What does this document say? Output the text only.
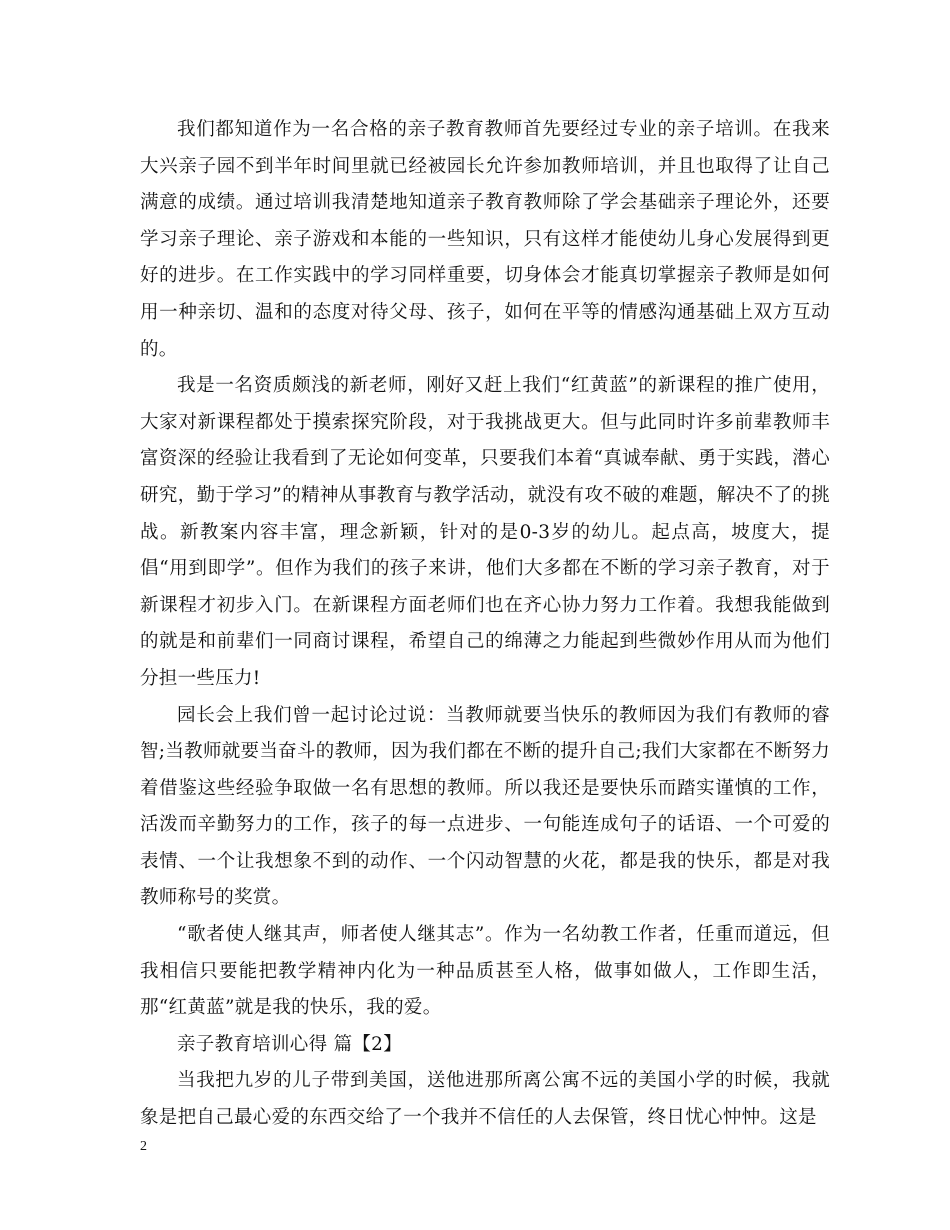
我们都知道作为一名合格的亲子教育教师首先要经过专业的亲子培训。在我来大兴亲子园不到半年时间里就已经被园长允许参加教师培训，并且也取得了让自己满意的成绩。通过培训我清楚地知道亲子教育教师除了学会基础亲子理论外，还要学习亲子理论、亲子游戏和本能的一些知识，只有这样才能使幼儿身心发展得到更好的进步。在工作实践中的学习同样重要，切身体会才能真切掌握亲子教师是如何用一种亲切、温和的态度对待父母、孩子，如何在平等的情感沟通基础上双方互动的。

我是一名资质颇浅的新老师，刚好又赶上我们“红黄蓝”的新课程的推广使用，大家对新课程都处于摸索探究阶段，对于我挑战更大。但与此同时许多前辈教师丰富资深的经验让我看到了无论如何变革，只要我们本着“真诚奉献、勇于实践，潜心研究，勤于学习”的精神从事教育与教学活动，就没有攻不破的难题，解决不了的挑战。新教案内容丰富，理念新颖，针对的是0-3岁的幼儿。起点高，坡度大，提倡“用到即学”。但作为我们的孩子来讲，他们大多都在不断的学习亲子教育，对于新课程才初步入门。在新课程方面老师们也在齐心协力努力工作着。我想我能做到的就是和前辈们一同商讨课程，希望自己的绵薄之力能起到些微妙作用从而为他们分担一些压力!

园长会上我们曾一起讨论过说：当教师就要当快乐的教师因为我们有教师的睿智;当教师就要当奋斗的教师，因为我们都在不断的提升自己;我们大家都在不断努力着借鉴这些经验争取做一名有思想的教师。所以我还是要快乐而踏实谨慎的工作，活泼而辛勤努力的工作，孩子的每一点进步、一句能连成句子的话语、一个可爱的表情、一个让我想象不到的动作、一个闪动智慧的火花，都是我的快乐，都是对我教师称号的奖赏。

“歌者使人继其声，师者使人继其志”。作为一名幼教工作者，任重而道远，但我相信只要能把教学精神内化为一种品质甚至人格，做事如做人，工作即生活，那“红黄蓝”就是我的快乐，我的爱。

亲子教育培训心得 篇【2】

当我把九岁的儿子带到美国，送他进那所离公寓不远的美国小学的时候，我就象是把自己最心爱的东西交给了一个我并不信任的人去保管，终日忧心忡忡。这是

2
